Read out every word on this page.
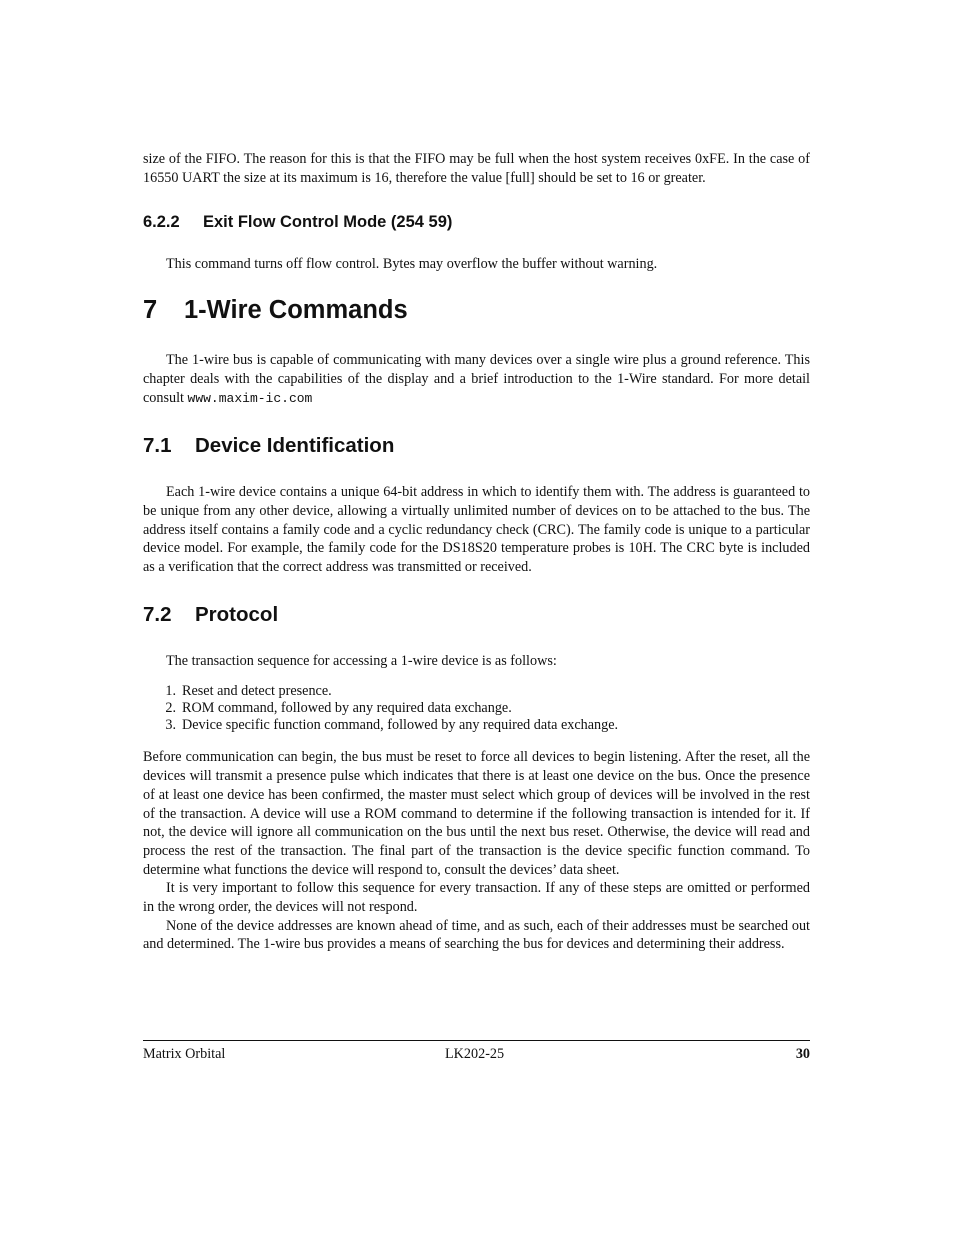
size of the FIFO. The reason for this is that the FIFO may be full when the host system receives 0xFE. In the case of 16550 UART the size at its maximum is 16, therefore the value [full] should be set to 16 or greater.

6.2.2 Exit Flow Control Mode (254 59)

This command turns off flow control. Bytes may overflow the buffer without warning.

7 1-Wire Commands

The 1-wire bus is capable of communicating with many devices over a single wire plus a ground reference. This chapter deals with the capabilities of the display and a brief introduction to the 1-Wire standard. For more detail consult www.maxim-ic.com

7.1 Device Identification

Each 1-wire device contains a unique 64-bit address in which to identify them with. The address is guaranteed to be unique from any other device, allowing a virtually unlimited number of devices on to be attached to the bus. The address itself contains a family code and a cyclic redundancy check (CRC). The family code is unique to a particular device model. For example, the family code for the DS18S20 temperature probes is 10H. The CRC byte is included as a verification that the correct address was transmitted or received.

7.2 Protocol

The transaction sequence for accessing a 1-wire device is as follows:

1. Reset and detect presence.
2. ROM command, followed by any required data exchange.
3. Device specific function command, followed by any required data exchange.

Before communication can begin, the bus must be reset to force all devices to begin listening. After the reset, all the devices will transmit a presence pulse which indicates that there is at least one device on the bus. Once the presence of at least one device has been confirmed, the master must select which group of devices will be involved in the rest of the transaction. A device will use a ROM command to determine if the following transaction is intended for it. If not, the device will ignore all communication on the bus until the next bus reset. Otherwise, the device will read and process the rest of the transaction. The final part of the transaction is the device specific function command. To determine what functions the device will respond to, consult the devices’ data sheet.

It is very important to follow this sequence for every transaction. If any of these steps are omitted or performed in the wrong order, the devices will not respond.

None of the device addresses are known ahead of time, and as such, each of their addresses must be searched out and determined. The 1-wire bus provides a means of searching the bus for devices and determining their address.

Matrix Orbital	LK202-25	30
